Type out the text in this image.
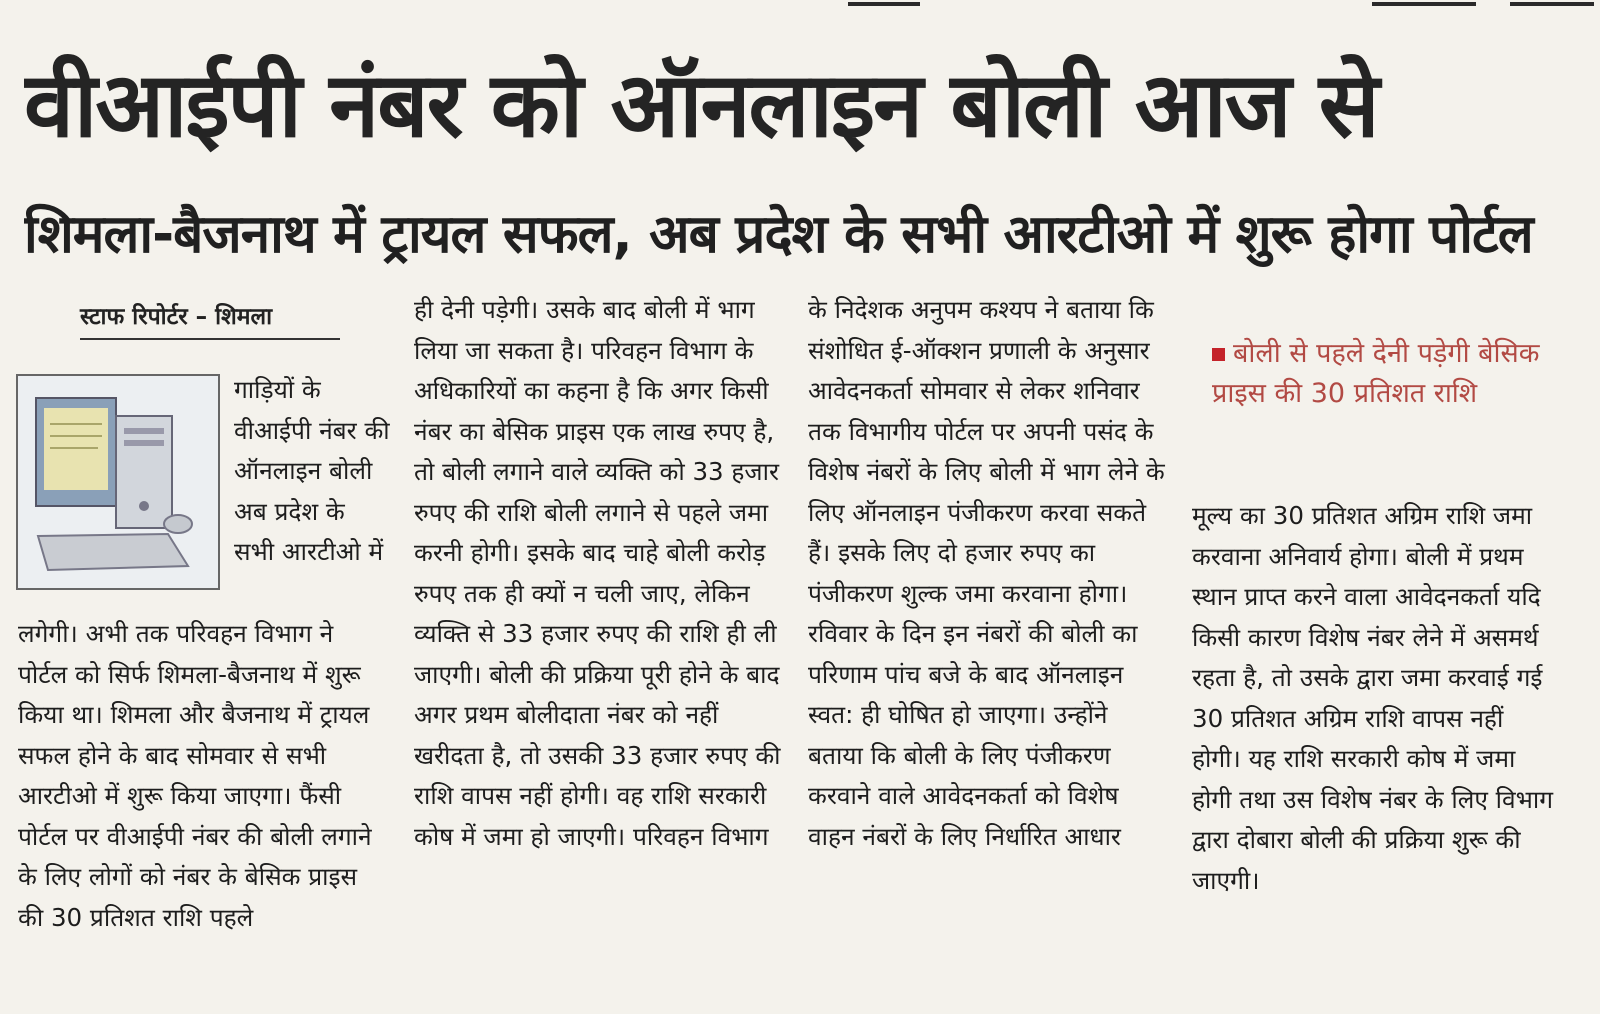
वीआईपी नंबर को ऑनलाइन बोली आज से
शिमला-बैजनाथ में ट्रायल सफल, अब प्रदेश के सभी आरटीओ में शुरू होगा पोर्टल
स्टाफ रिपोर्टर – शिमला
गाड़ियों के वीआईपी नंबर की ऑनलाइन बोली अब प्रदेश के सभी आरटीओ में
लगेगी। अभी तक परिवहन विभाग ने पोर्टल को सिर्फ शिमला-बैजनाथ में शुरू किया था। शिमला और बैजनाथ में ट्रायल सफल होने के बाद सोमवार से सभी आरटीओ में शुरू किया जाएगा। फैंसी पोर्टल पर वीआईपी नंबर की बोली लगाने के लिए लोगों को नंबर के बेसिक प्राइस की 30 प्रतिशत राशि पहले
ही देनी पड़ेगी। उसके बाद बोली में भाग लिया जा सकता है। परिवहन विभाग के अधिकारियों का कहना है कि अगर किसी नंबर का बेसिक प्राइस एक लाख रुपए है, तो बोली लगाने वाले व्यक्ति को 33 हजार रुपए की राशि बोली लगाने से पहले जमा करनी होगी। इसके बाद चाहे बोली करोड़ रुपए तक ही क्यों न चली जाए, लेकिन व्यक्ति से 33 हजार रुपए की राशि ही ली जाएगी। बोली की प्रक्रिया पूरी होने के बाद अगर प्रथम बोलीदाता नंबर को नहीं खरीदता है, तो उसकी 33 हजार रुपए की राशि वापस नहीं होगी। वह राशि सरकारी कोष में जमा हो जाएगी। परिवहन विभाग
के निदेशक अनुपम कश्यप ने बताया कि संशोधित ई-ऑक्शन प्रणाली के अनुसार आवेदनकर्ता सोमवार से लेकर शनिवार तक विभागीय पोर्टल पर अपनी पसंद के विशेष नंबरों के लिए बोली में भाग लेने के लिए ऑनलाइन पंजीकरण करवा सकते हैं। इसके लिए दो हजार रुपए का पंजीकरण शुल्क जमा करवाना होगा। रविवार के दिन इन नंबरों की बोली का परिणाम पांच बजे के बाद ऑनलाइन स्वत: ही घोषित हो जाएगा। उन्होंने बताया कि बोली के लिए पंजीकरण करवाने वाले आवेदनकर्ता को विशेष वाहन नंबरों के लिए निर्धारित आधार
बोली से पहले देनी पड़ेगी बेसिक प्राइस की 30 प्रतिशत राशि
मूल्य का 30 प्रतिशत अग्रिम राशि जमा करवाना अनिवार्य होगा। बोली में प्रथम स्थान प्राप्त करने वाला आवेदनकर्ता यदि किसी कारण विशेष नंबर लेने में असमर्थ रहता है, तो उसके द्वारा जमा करवाई गई 30 प्रतिशत अग्रिम राशि वापस नहीं होगी। यह राशि सरकारी कोष में जमा होगी तथा उस विशेष नंबर के लिए विभाग द्वारा दोबारा बोली की प्रक्रिया शुरू की जाएगी।
